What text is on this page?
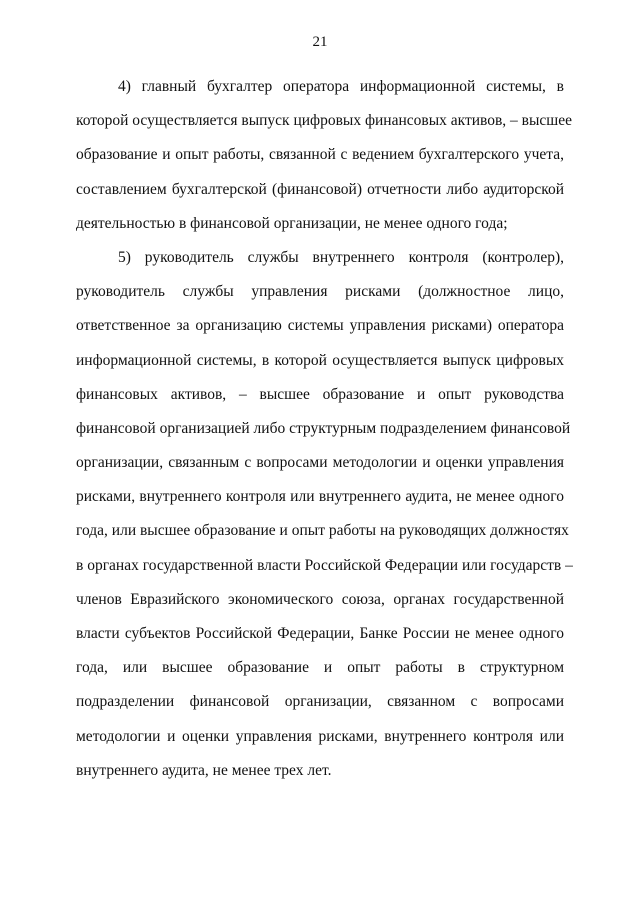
21
4) главный бухгалтер оператора информационной системы, в
которой осуществляется выпуск цифровых финансовых активов, – высшее
образование и опыт работы, связанной с ведением бухгалтерского учета,
составлением бухгалтерской (финансовой) отчетности либо аудиторской
деятельностью в финансовой организации, не менее одного года;
5) руководитель службы внутреннего контроля (контролер),
руководитель службы управления рисками (должностное лицо,
ответственное за организацию системы управления рисками) оператора
информационной системы, в которой осуществляется выпуск цифровых
финансовых активов, – высшее образование и опыт руководства
финансовой организацией либо структурным подразделением финансовой
организации, связанным с вопросами методологии и оценки управления
рисками, внутреннего контроля или внутреннего аудита, не менее одного
года, или высшее образование и опыт работы на руководящих должностях
в органах государственной власти Российской Федерации или государств –
членов Евразийского экономического союза, органах государственной
власти субъектов Российской Федерации, Банке России не менее одного
года, или высшее образование и опыт работы в структурном
подразделении финансовой организации, связанном с вопросами
методологии и оценки управления рисками, внутреннего контроля или
внутреннего аудита, не менее трех лет.
